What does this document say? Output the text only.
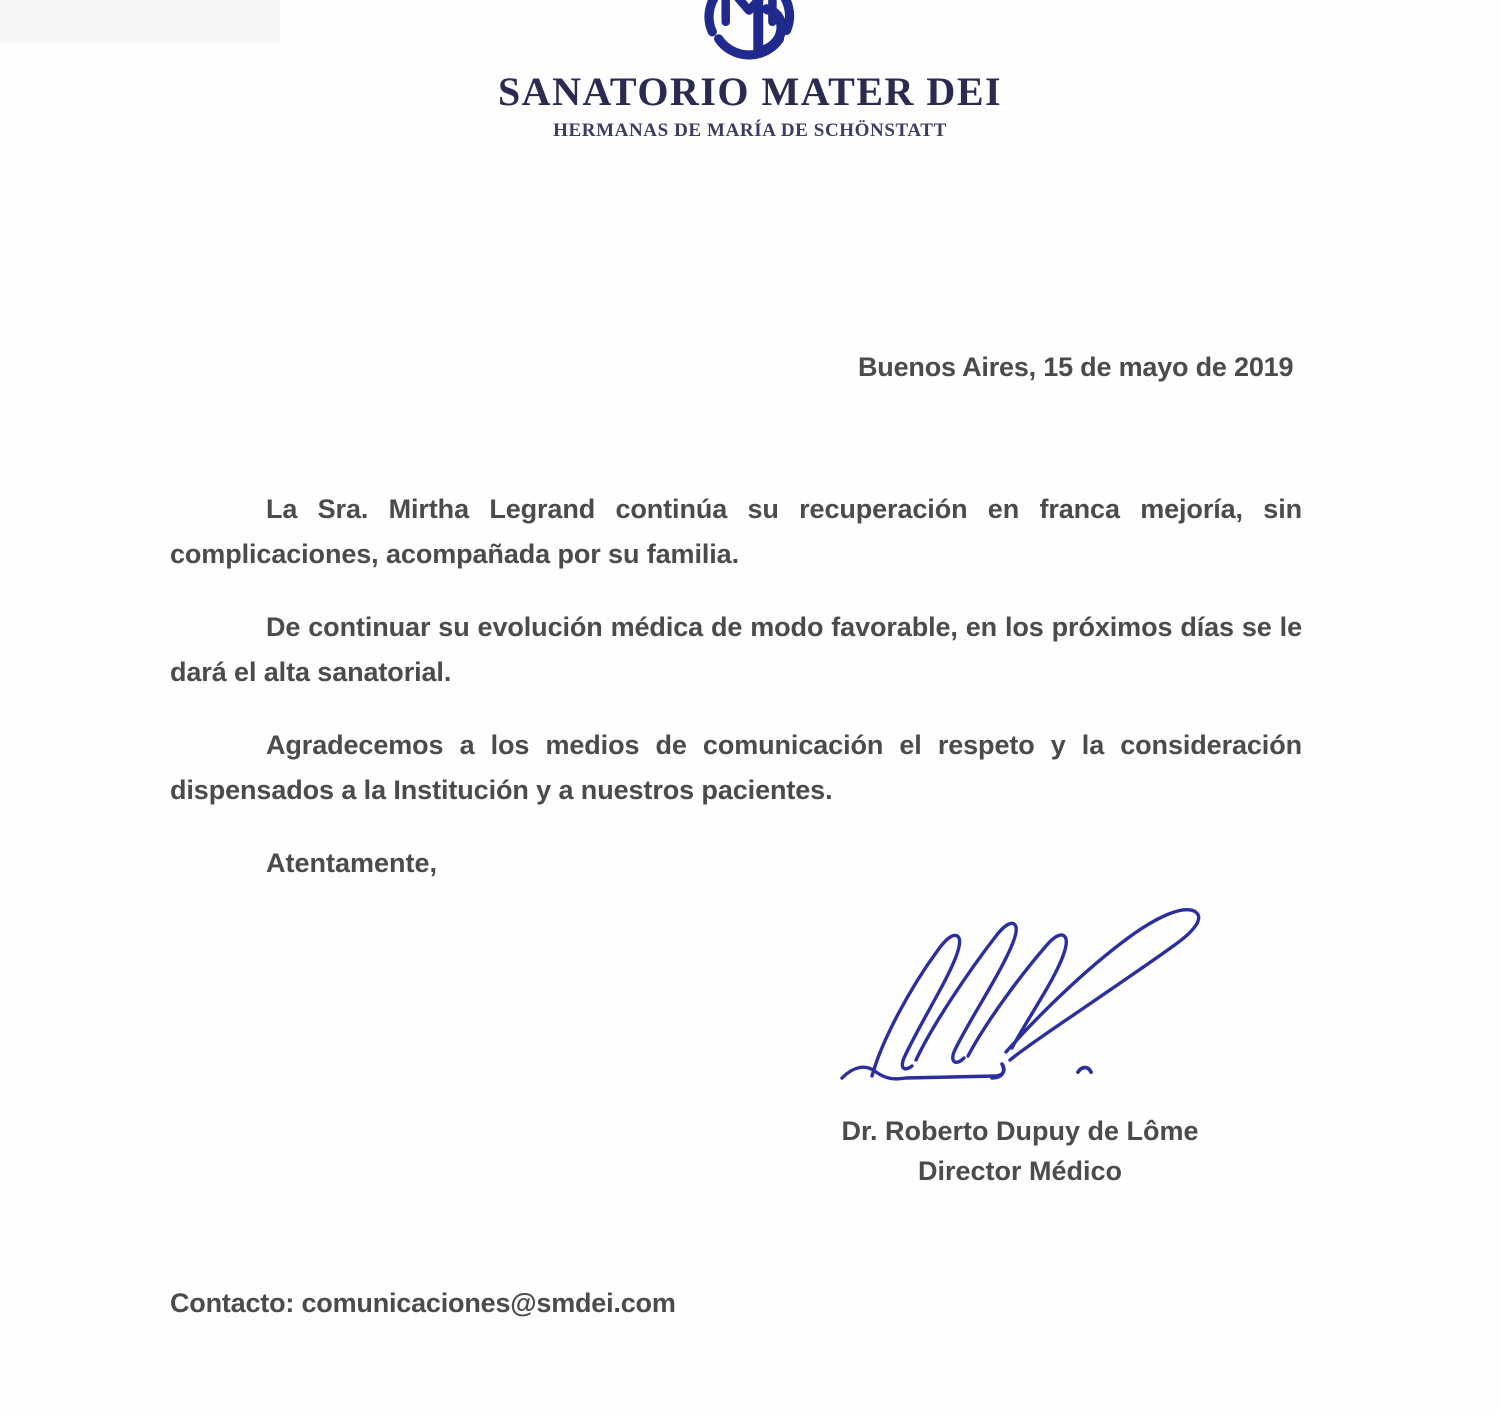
SANATORIO MATER DEI
HERMANAS DE MARÍA DE SCHÖNSTATT
Buenos Aires, 15 de mayo de 2019

La Sra. Mirtha Legrand continúa su recuperación en franca mejoría, sin complicaciones, acompañada por su familia.

De continuar su evolución médica de modo favorable, en los próximos días se le dará el alta sanatorial.

Agradecemos a los medios de comunicación el respeto y la consideración dispensados a la Institución y a nuestros pacientes.

Atentamente,

Dr. Roberto Dupuy de Lôme
Director Médico
Contacto: comunicaciones@smdei.com
